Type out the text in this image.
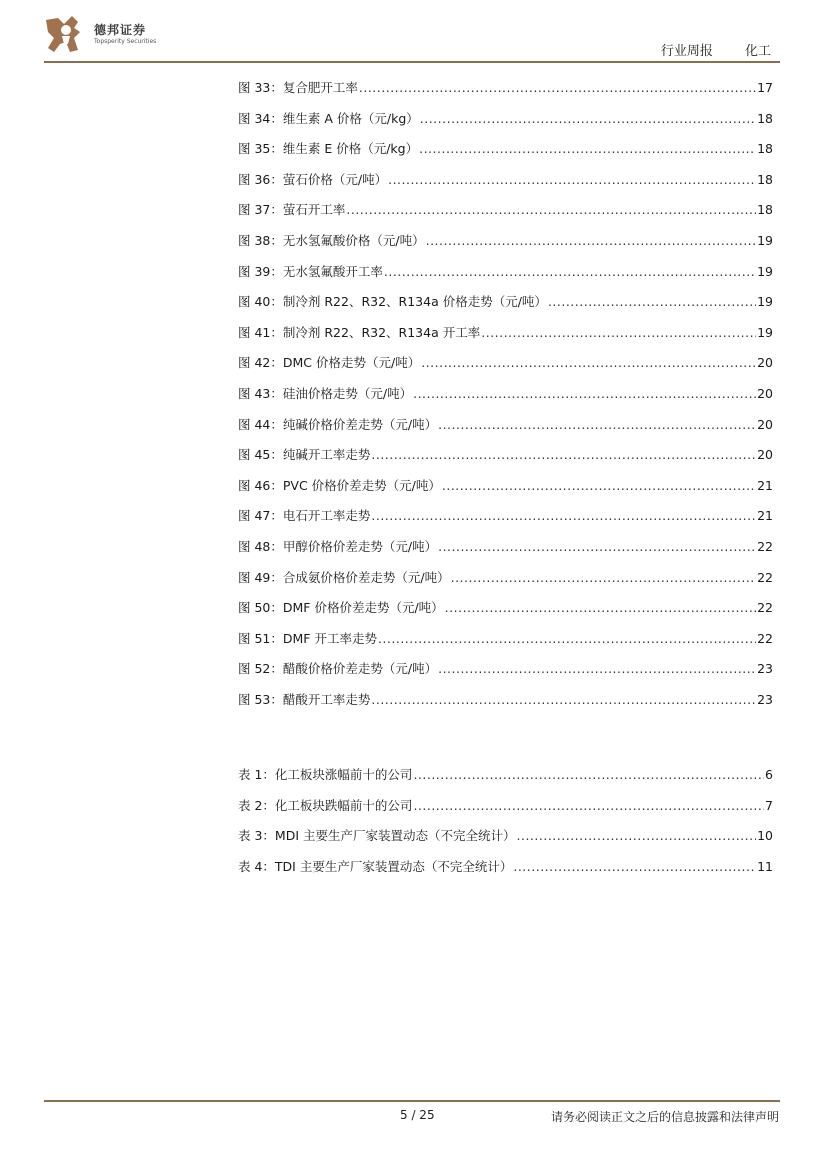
德邦证券
Topsperity Securities
行业周报 化工
图 33：复合肥开工率 .....	17
图 34：维生素 A 价格（元/kg） .....	18
图 35：维生素 E 价格（元/kg） .....	18
图 36：萤石价格（元/吨） .....	18
图 37：萤石开工率 .....	18
图 38：无水氢氟酸价格（元/吨） .....	19
图 39：无水氢氟酸开工率 .....	19
图 40：制冷剂 R22、R32、R134a 价格走势（元/吨） .....	19
图 41：制冷剂 R22、R32、R134a 开工率 .....	19
图 42：DMC 价格走势（元/吨） .....	20
图 43：硅油价格走势（元/吨） .....	20
图 44：纯碱价格价差走势（元/吨） .....	20
图 45：纯碱开工率走势 .....	20
图 46：PVC 价格价差走势（元/吨） .....	21
图 47：电石开工率走势 .....	21
图 48：甲醇价格价差走势（元/吨） .....	22
图 49：合成氨价格价差走势（元/吨） .....	22
图 50：DMF 价格价差走势（元/吨） .....	22
图 51：DMF 开工率走势 .....	22
图 52：醋酸价格价差走势（元/吨） .....	23
图 53：醋酸开工率走势 .....	23
表 1：化工板块涨幅前十的公司 .....	6
表 2：化工板块跌幅前十的公司 .....	7
表 3：MDI 主要生产厂家装置动态（不完全统计） .....	10
表 4：TDI 主要生产厂家装置动态（不完全统计） .....	11
5 / 25	请务必阅读正文之后的信息披露和法律声明
